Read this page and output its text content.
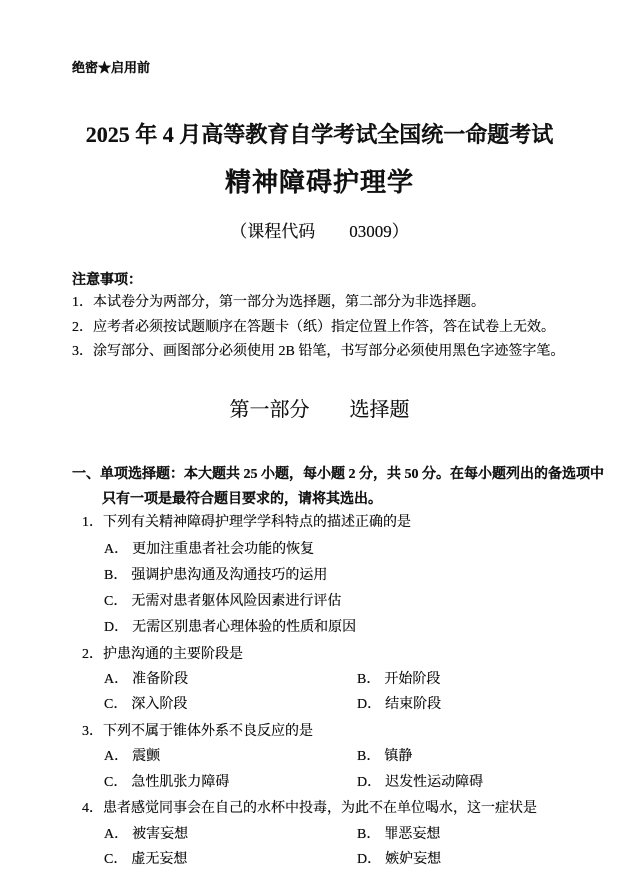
绝密★启用前
2025 年 4 月高等教育自学考试全国统一命题考试
精神障碍护理学
（课程代码　　03009）
注意事项：
1．本试卷分为两部分，第一部分为选择题，第二部分为非选择题。
2．应考者必须按试题顺序在答题卡（纸）指定位置上作答，答在试卷上无效。
3．涂写部分、画图部分必须使用 2B 铅笔，书写部分必须使用黑色字迹签字笔。
第一部分　　选择题
一、单项选择题：本大题共 25 小题，每小题 2 分，共 50 分。在每小题列出的备选项中
只有一项是最符合题目要求的，请将其选出。
1．下列有关精神障碍护理学学科特点的描述正确的是
A． 更加注重患者社会功能的恢复
B． 强调护患沟通及沟通技巧的运用
C． 无需对患者躯体风险因素进行评估
D． 无需区别患者心理体验的性质和原因
2．护患沟通的主要阶段是
A． 准备阶段	B． 开始阶段
C． 深入阶段	D． 结束阶段
3．下列不属于锥体外系不良反应的是
A． 震颤	B． 镇静
C． 急性肌张力障碍	D． 迟发性运动障碍
4．患者感觉同事会在自己的水杯中投毒，为此不在单位喝水，这一症状是
A． 被害妄想	B． 罪恶妄想
C． 虚无妄想	D． 嫉妒妄想
